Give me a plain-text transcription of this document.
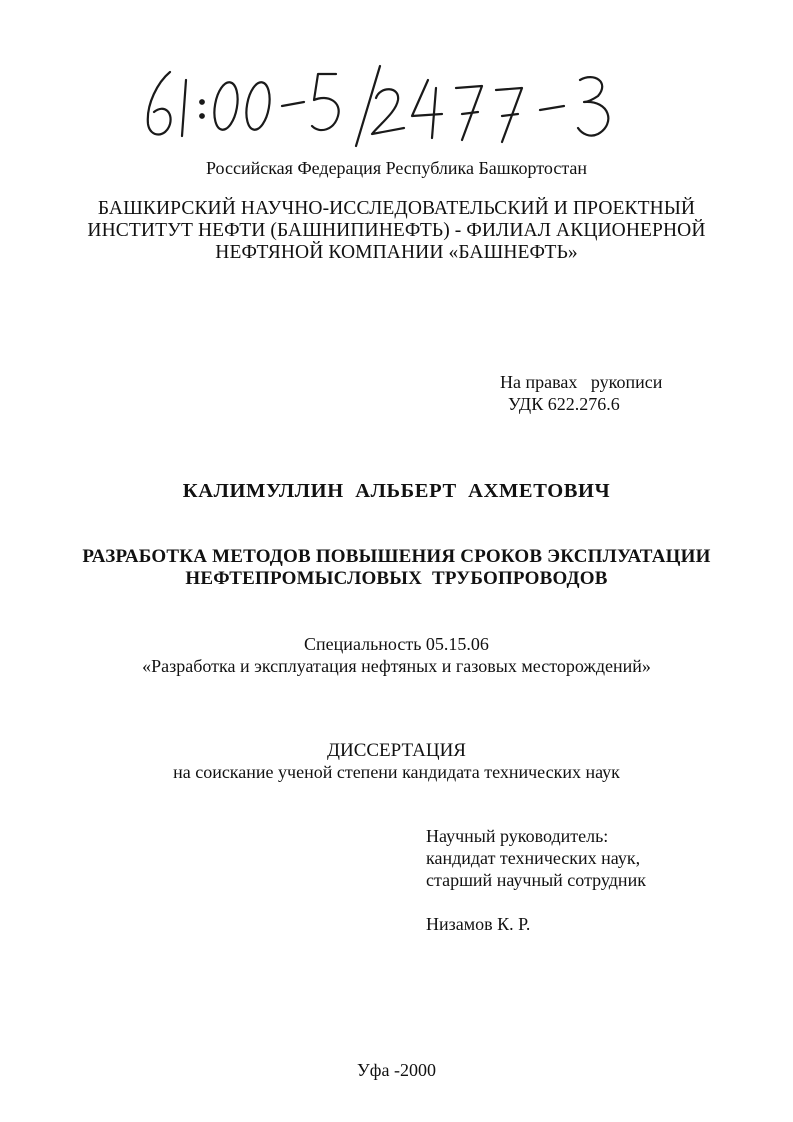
Российская Федерация Республика Башкортостан
БАШКИРСКИЙ НАУЧНО-ИССЛЕДОВАТЕЛЬСКИЙ И ПРОЕКТНЫЙ
ИНСТИТУТ НЕФТИ (БАШНИПИНЕФТЬ) - ФИЛИАЛ АКЦИОНЕРНОЙ
НЕФТЯНОЙ КОМПАНИИ «БАШНЕФТЬ»
На правах   рукописи
УДК 622.276.6
КАЛИМУЛЛИН  АЛЬБЕРТ  АХМЕТОВИЧ
РАЗРАБОТКА МЕТОДОВ ПОВЫШЕНИЯ СРОКОВ ЭКСПЛУАТАЦИИ
НЕФТЕПРОМЫСЛОВЫХ  ТРУБОПРОВОДОВ
Специальность 05.15.06
«Разработка и эксплуатация нефтяных и газовых месторождений»
ДИССЕРТАЦИЯ
на соискание ученой степени кандидата технических наук
Научный руководитель:
кандидат технических наук,
старший научный сотрудник
Низамов К. Р.
Уфа -2000
